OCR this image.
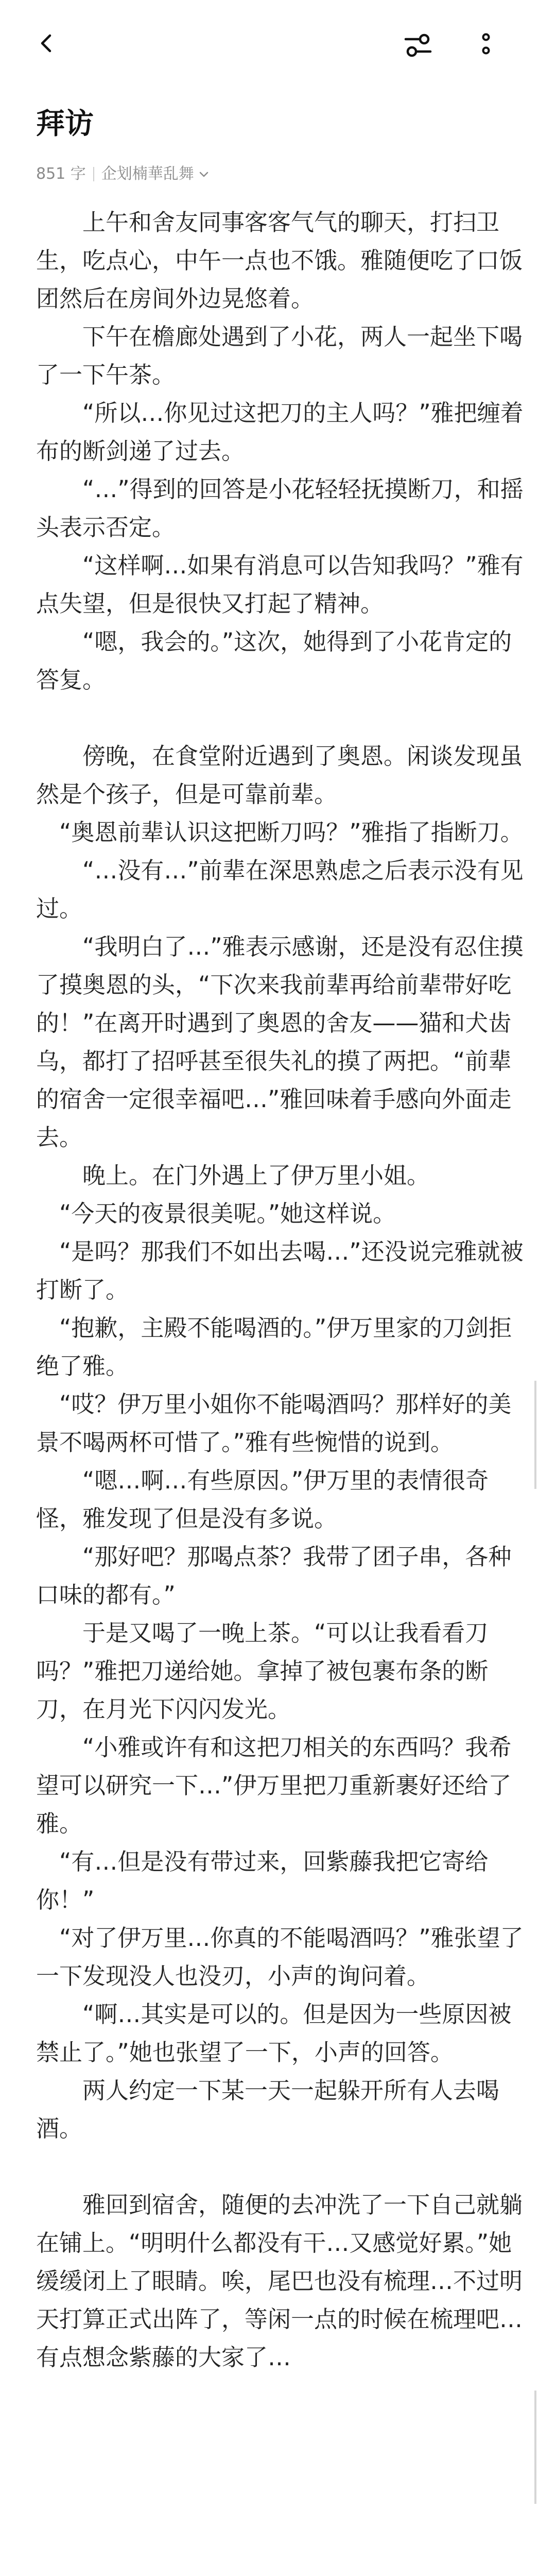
拜访
851 字 企划楠華乱舞

　　上午和舍友同事客客气气的聊天，打扫卫生，吃点心，中午一点也不饿。雅随便吃了口饭团然后在房间外边晃悠着。

　　下午在檐廊处遇到了小花，两人一起坐下喝了一下午茶。

　　“所以…你见过这把刀的主人吗？”雅把缠着布的断剑递了过去。

　　“…”得到的回答是小花轻轻抚摸断刀，和摇头表示否定。

　　“这样啊…如果有消息可以告知我吗？”雅有点失望，但是很快又打起了精神。

　　“嗯，我会的。”这次，她得到了小花肯定的答复。

　　傍晚，在食堂附近遇到了奥恩。闲谈发现虽然是个孩子，但是可靠前辈。

　“奥恩前辈认识这把断刀吗？”雅指了指断刀。

　　“…没有…”前辈在深思熟虑之后表示没有见过。

　　“我明白了…”雅表示感谢，还是没有忍住摸了摸奥恩的头，“下次来我前辈再给前辈带好吃的！”在离开时遇到了奥恩的舍友——猫和犬齿乌，都打了招呼甚至很失礼的摸了两把。“前辈的宿舍一定很幸福吧…”雅回味着手感向外面走去。

　　晚上。在门外遇上了伊万里小姐。

　“今天的夜景很美呢。”她这样说。

　“是吗？那我们不如出去喝…”还没说完雅就被打断了。

　“抱歉，主殿不能喝酒的。”伊万里家的刀剑拒绝了雅。

　“哎？伊万里小姐你不能喝酒吗？那样好的美景不喝两杯可惜了。”雅有些惋惜的说到。

　　“嗯…啊…有些原因。”伊万里的表情很奇怪，雅发现了但是没有多说。

　　“那好吧？那喝点茶？我带了团子串，各种口味的都有。”

　　于是又喝了一晚上茶。“可以让我看看刀吗？”雅把刀递给她。拿掉了被包裹布条的断刀，在月光下闪闪发光。

　　“小雅或许有和这把刀相关的东西吗？我希望可以研究一下…”伊万里把刀重新裹好还给了雅。

　“有…但是没有带过来，回紫藤我把它寄给你！”

　“对了伊万里…你真的不能喝酒吗？”雅张望了一下发现没人也没刃，小声的询问着。

　　“啊…其实是可以的。但是因为一些原因被禁止了。”她也张望了一下，小声的回答。

　　两人约定一下某一天一起躲开所有人去喝酒。

　　雅回到宿舍，随便的去冲洗了一下自己就躺在铺上。“明明什么都没有干…又感觉好累。”她缓缓闭上了眼睛。唉，尾巴也没有梳理…不过明天打算正式出阵了，等闲一点的时候在梳理吧…有点想念紫藤的大家了…
